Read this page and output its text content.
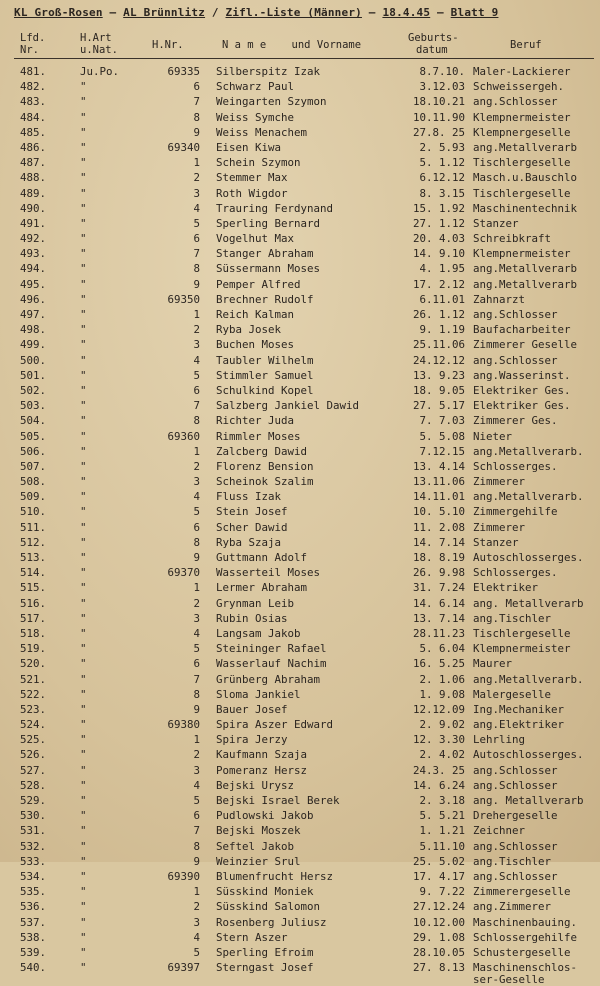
KL Groß-Rosen – AL Brünnlitz / Zifl.-Liste (Männer) – 18.4.45 – Blatt 9
Lfd.
Nr.
H.Art
u.Nat.	H.Nr.	N a m e    und Vorname
Geburts-
datum	Beruf
481.	Ju.Po.	69335 Silberspitz Izak	8.7.10. Maler-Lackierer
482.	"	6 Schwarz Paul	3.12.03 Schweissergeh.
483.	"	7 Weingarten Szymon	18.10.21 ang.Schlosser
484.	"	8 Weiss Symche	10.11.90 Klempnermeister
485.	"	9 Weiss Menachem	27.8. 25 Klempnergeselle
486.	"	69340 Eisen Kiwa	2. 5.93 ang.Metallverarb
487.	"	1 Schein Szymon	5. 1.12 Tischlergeselle
488.	"	2 Stemmer Max	6.12.12 Masch.u.Bauschlo
489.	"	3 Roth Wigdor	8. 3.15 Tischlergeselle
490.	"	4 Trauring Ferdynand	15. 1.92 Maschinentechnik
491.	"	5 Sperling Bernard	27. 1.12 Stanzer
492.	"	6 Vogelhut Max	20. 4.03 Schreibkraft
493.	"	7 Stanger Abraham	14. 9.10 Klempnermeister
494.	"	8 Süssermann Moses	4. 1.95 ang.Metallverarb
495.	"	9 Pemper Alfred	17. 2.12 ang.Metallverarb
496.	"	69350 Brechner Rudolf	6.11.01 Zahnarzt
497.	"	1 Reich Kalman	26. 1.12 ang.Schlosser
498.	"	2 Ryba Josek	9. 1.19 Baufacharbeiter
499.	"	3 Buchen Moses	25.11.06 Zimmerer Geselle
500.	"	4 Taubler Wilhelm	24.12.12 ang.Schlosser
501.	"	5 Stimmler Samuel	13. 9.23 ang.Wasserinst.
502.	"	6 Schulkind Kopel	18. 9.05 Elektriker Ges.
503.	"	7 Salzberg Jankiel Dawid	27. 5.17 Elektriker Ges.
504.	"	8 Richter Juda	7. 7.03 Zimmerer Ges.
505.	"	69360 Rimmler Moses	5. 5.08 Nieter
506.	"	1 Zalcberg Dawid	7.12.15 ang.Metallverarb.
507.	"	2 Florenz Bension	13. 4.14 Schlosserges.
508.	"	3 Scheinok Szalim	13.11.06 Zimmerer
509.	"	4 Fluss Izak	14.11.01 ang.Metallverarb.
510.	"	5 Stein Josef	10. 5.10 Zimmergehilfe
511.	"	6 Scher Dawid	11. 2.08 Zimmerer
512.	"	8 Ryba Szaja	14. 7.14 Stanzer
513.	"	9 Guttmann Adolf	18. 8.19 Autoschlosserges.
514.	"	69370 Wasserteil Moses	26. 9.98 Schlosserges.
515.	"	1 Lermer Abraham	31. 7.24 Elektriker
516.	"	2 Grynman Leib	14. 6.14 ang. Metallverarb
517.	"	3 Rubin Osias	13. 7.14 ang.Tischler
518.	"	4 Langsam Jakob	28.11.23 Tischlergeselle
519.	"	5 Steininger Rafael	5. 6.04 Klempnermeister
520.	"	6 Wasserlauf Nachim	16. 5.25 Maurer
521.	"	7 Grünberg Abraham	2. 1.06 ang.Metallverarb.
522.	"	8 Sloma Jankiel	1. 9.08 Malergeselle
523.	"	9 Bauer Josef	12.12.09 Ing.Mechaniker
524.	"	69380 Spira Aszer Edward	2. 9.02 ang.Elektriker
525.	"	1 Spira Jerzy	12. 3.30 Lehrling
526.	"	2 Kaufmann Szaja	2. 4.02 Autoschlosserges.
527.	"	3 Pomeranz Hersz	24.3. 25 ang.Schlosser
528.	"	4 Bejski Urysz	14. 6.24 ang.Schlosser
529.	"	5 Bejski Israel Berek	2. 3.18 ang. Metallverarb
530.	"	6 Pudlowski Jakob	5. 5.21 Drehergeselle
531.	"	7 Bejski Moszek	1. 1.21 Zeichner
532.	"	8 Seftel Jakob	5.11.10 ang.Schlosser
533.	"	9 Weinzier Srul	25. 5.02 ang.Tischler
534.	"	69390 Blumenfrucht Hersz	17. 4.17 ang.Schlosser
535.	"	1 Süsskind Moniek	9. 7.22 Zimmerergeselle
536.	"	2 Süsskind Salomon	27.12.24 ang.Zimmerer
537.	"	3 Rosenberg Juliusz	10.12.00 Maschinenbauing.
538.	"	4 Stern Aszer	29. 1.08 Schlossergehilfe
539.	"	5 Sperling Efroim	28.10.05 Schustergeselle
540.	"	69397 Sterngast Josef	27. 8.13 Maschinenschlos-ser-Geselle
